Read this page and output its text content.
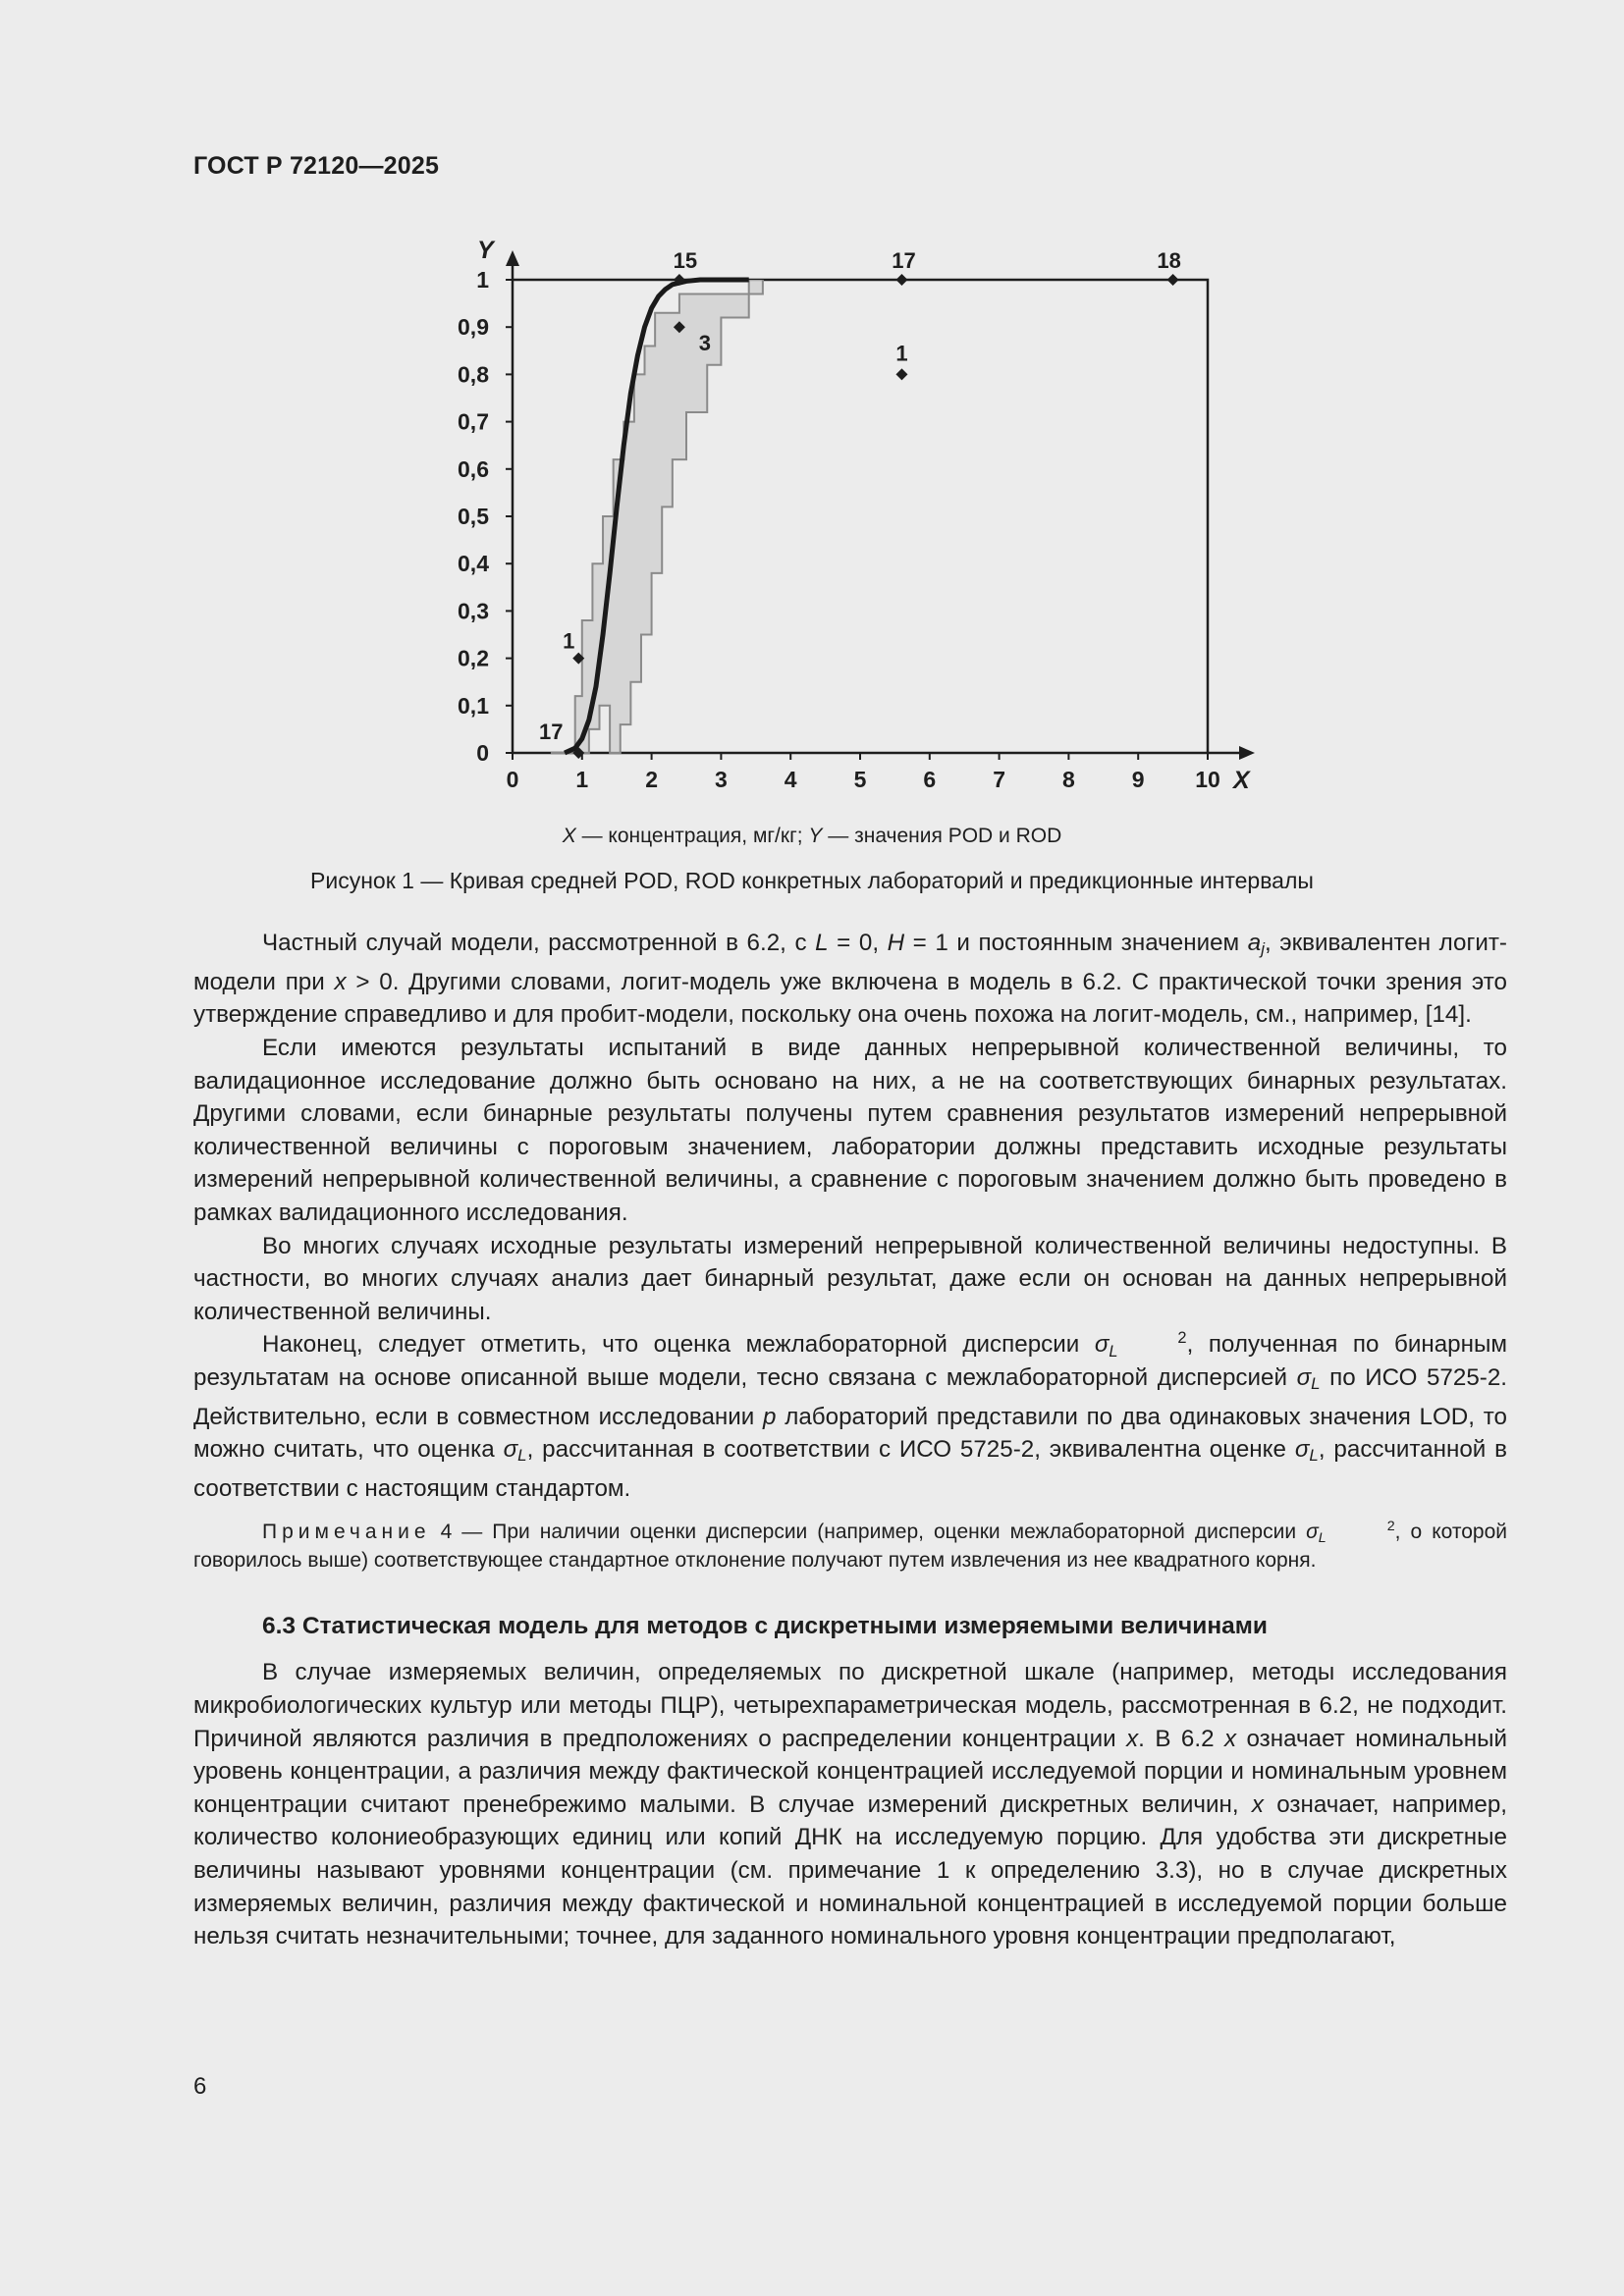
ГОСТ Р 72120—2025
X
Y
0	1	2	3	4	5	6	7	8	9 10
0
0,1
0,2
0,3
0,4
0,5
0,6
0,7
0,8
0,9
1
15	17	18
3	1
1
17
X — концентрация, мг/кг; Y — значения POD и ROD
Рисунок 1 — Кривая средней POD, ROD конкретных лабораторий и предикционные интервалы

Частный случай модели, рассмотренной в 6.2, с L = 0, H = 1 и постоянным значением $a_j$, эквивалентен логит-модели при x > 0. Другими словами, логит-модель уже включена в модель в 6.2. С практической точки зрения это утверждение справедливо и для пробит-модели, поскольку она очень похожа на логит-модель, см., например, [14].

Если имеются результаты испытаний в виде данных непрерывной количественной величины, то валидационное исследование должно быть основано на них, а не на соответствующих бинарных результатах. Другими словами, если бинарные результаты получены путем сравнения результатов измерений непрерывной количественной величины с пороговым значением, лаборатории должны представить исходные результаты измерений непрерывной количественной величины, а сравнение с пороговым значением должно быть проведено в рамках валидационного исследования.

Во многих случаях исходные результаты измерений непрерывной количественной величины недоступны. В частности, во многих случаях анализ дает бинарный результат, даже если он основан на данных непрерывной количественной величины.

Наконец, следует отметить, что оценка межлабораторной дисперсии σ	2
L	, полученная по бинарным результатам на основе описанной выше модели, тесно связана с межлабораторной дисперсией $\sigma_L$ по ИСО 5725-2. Действительно, если в совместном исследовании p лабораторий представили по два одинаковых значения LOD, то можно считать, что оценка $\sigma_L$, рассчитанная в соответствии с ИСО 5725-2, эквивалентна оценке $\sigma_L$, рассчитанной в соответствии с настоящим стандартом.

Примечание 4 — При наличии оценки дисперсии (например, оценки межлабораторной дисперсии σ	2
L	, о которой говорилось выше) соответствующее стандартное отклонение получают путем извлечения из нее квадратного корня.

6.3 Статистическая модель для методов с дискретными измеряемыми величинами

В случае измеряемых величин, определяемых по дискретной шкале (например, методы исследования микробиологических культур или методы ПЦР), четырехпараметрическая модель, рассмотренная в 6.2, не подходит. Причиной являются различия в предположениях о распределении концентрации x. В 6.2 x означает номинальный уровень концентрации, а различия между фактической концентрацией исследуемой порции и номинальным уровнем концентрации считают пренебрежимо малыми. В случае измерений дискретных величин, x означает, например, количество колониеобразующих единиц или копий ДНК на исследуемую порцию. Для удобства эти дискретные величины называют уровнями концентрации (см. примечание 1 к определению 3.3), но в случае дискретных измеряемых величин, различия между фактической и номинальной концентрацией в исследуемой порции больше нельзя считать незначительными; точнее, для заданного номинального уровня концентрации предполагают,

6
